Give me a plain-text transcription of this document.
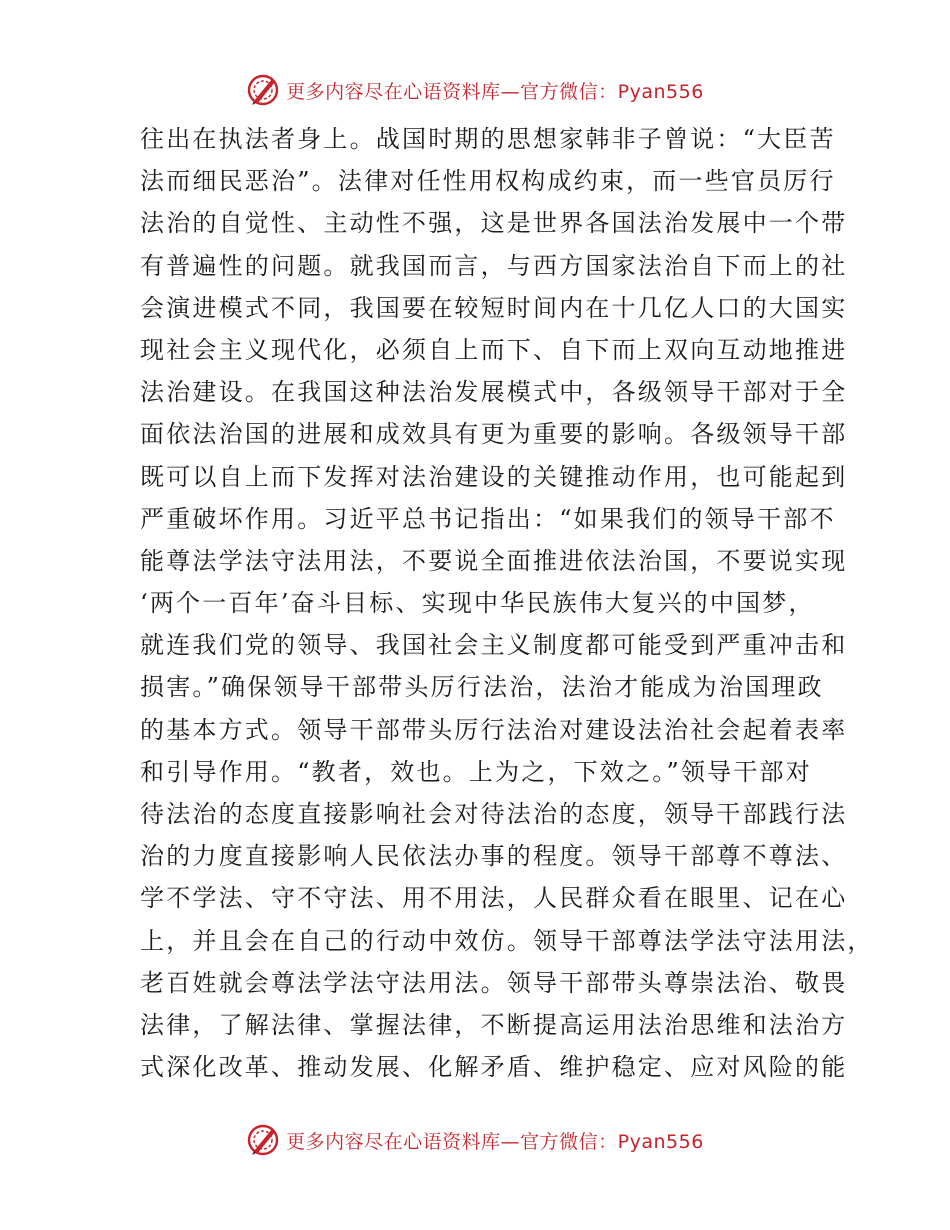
更多内容尽在心语资料库—官方微信：Pyan556
往出在执法者身上。战国时期的思想家韩非子曾说：“大臣苦
法而细民恶治”。法律对任性用权构成约束，而一些官员厉行
法治的自觉性、主动性不强，这是世界各国法治发展中一个带
有普遍性的问题。就我国而言，与西方国家法治自下而上的社
会演进模式不同，我国要在较短时间内在十几亿人口的大国实
现社会主义现代化，必须自上而下、自下而上双向互动地推进
法治建设。在我国这种法治发展模式中，各级领导干部对于全
面依法治国的进展和成效具有更为重要的影响。各级领导干部
既可以自上而下发挥对法治建设的关键推动作用，也可能起到
严重破坏作用。习近平总书记指出：“如果我们的领导干部不
能尊法学法守法用法，不要说全面推进依法治国，不要说实现
‘两个一百年’奋斗目标、实现中华民族伟大复兴的中国梦，
就连我们党的领导、我国社会主义制度都可能受到严重冲击和
损害。”确保领导干部带头厉行法治，法治才能成为治国理政
的基本方式。领导干部带头厉行法治对建设法治社会起着表率
和引导作用。“教者，效也。上为之，下效之。”领导干部对
待法治的态度直接影响社会对待法治的态度，领导干部践行法
治的力度直接影响人民依法办事的程度。领导干部尊不尊法、
学不学法、守不守法、用不用法，人民群众看在眼里、记在心
上，并且会在自己的行动中效仿。领导干部尊法学法守法用法，
老百姓就会尊法学法守法用法。领导干部带头尊崇法治、敬畏
法律，了解法律、掌握法律，不断提高运用法治思维和法治方
式深化改革、推动发展、化解矛盾、维护稳定、应对风险的能
更多内容尽在心语资料库—官方微信：Pyan556
